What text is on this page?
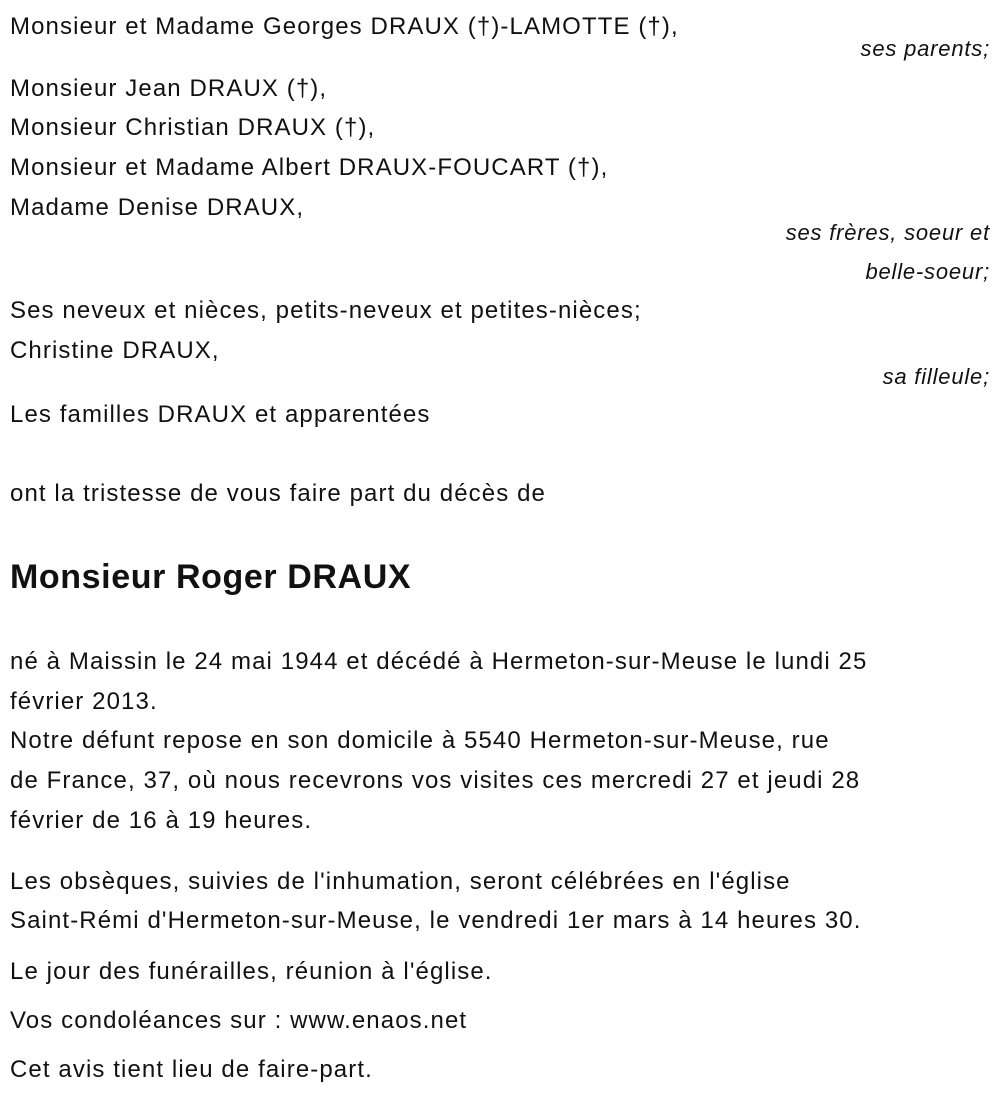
Monsieur et Madame Georges DRAUX (†)-LAMOTTE (†),
ses parents;
Monsieur Jean DRAUX (†),
Monsieur Christian DRAUX (†),
Monsieur et Madame Albert DRAUX-FOUCART (†),
Madame Denise DRAUX,
ses frères, soeur et
belle-soeur;
Ses neveux et nièces, petits-neveux et petites-nièces;
Christine DRAUX,
sa filleule;
Les familles DRAUX et apparentées
ont la tristesse de vous faire part du décès de
Monsieur Roger DRAUX
né à Maissin le 24 mai 1944 et décédé à Hermeton-sur-Meuse le lundi 25
février 2013.
Notre défunt repose en son domicile à 5540 Hermeton-sur-Meuse, rue
de France, 37, où nous recevrons vos visites ces mercredi 27 et jeudi 28
février de 16 à 19 heures.
Les obsèques, suivies de l'inhumation, seront célébrées en l'église
Saint-Rémi d'Hermeton-sur-Meuse, le vendredi 1er mars à 14 heures 30.
Le jour des funérailles, réunion à l'église.
Vos condoléances sur : www.enaos.net
Cet avis tient lieu de faire-part.
